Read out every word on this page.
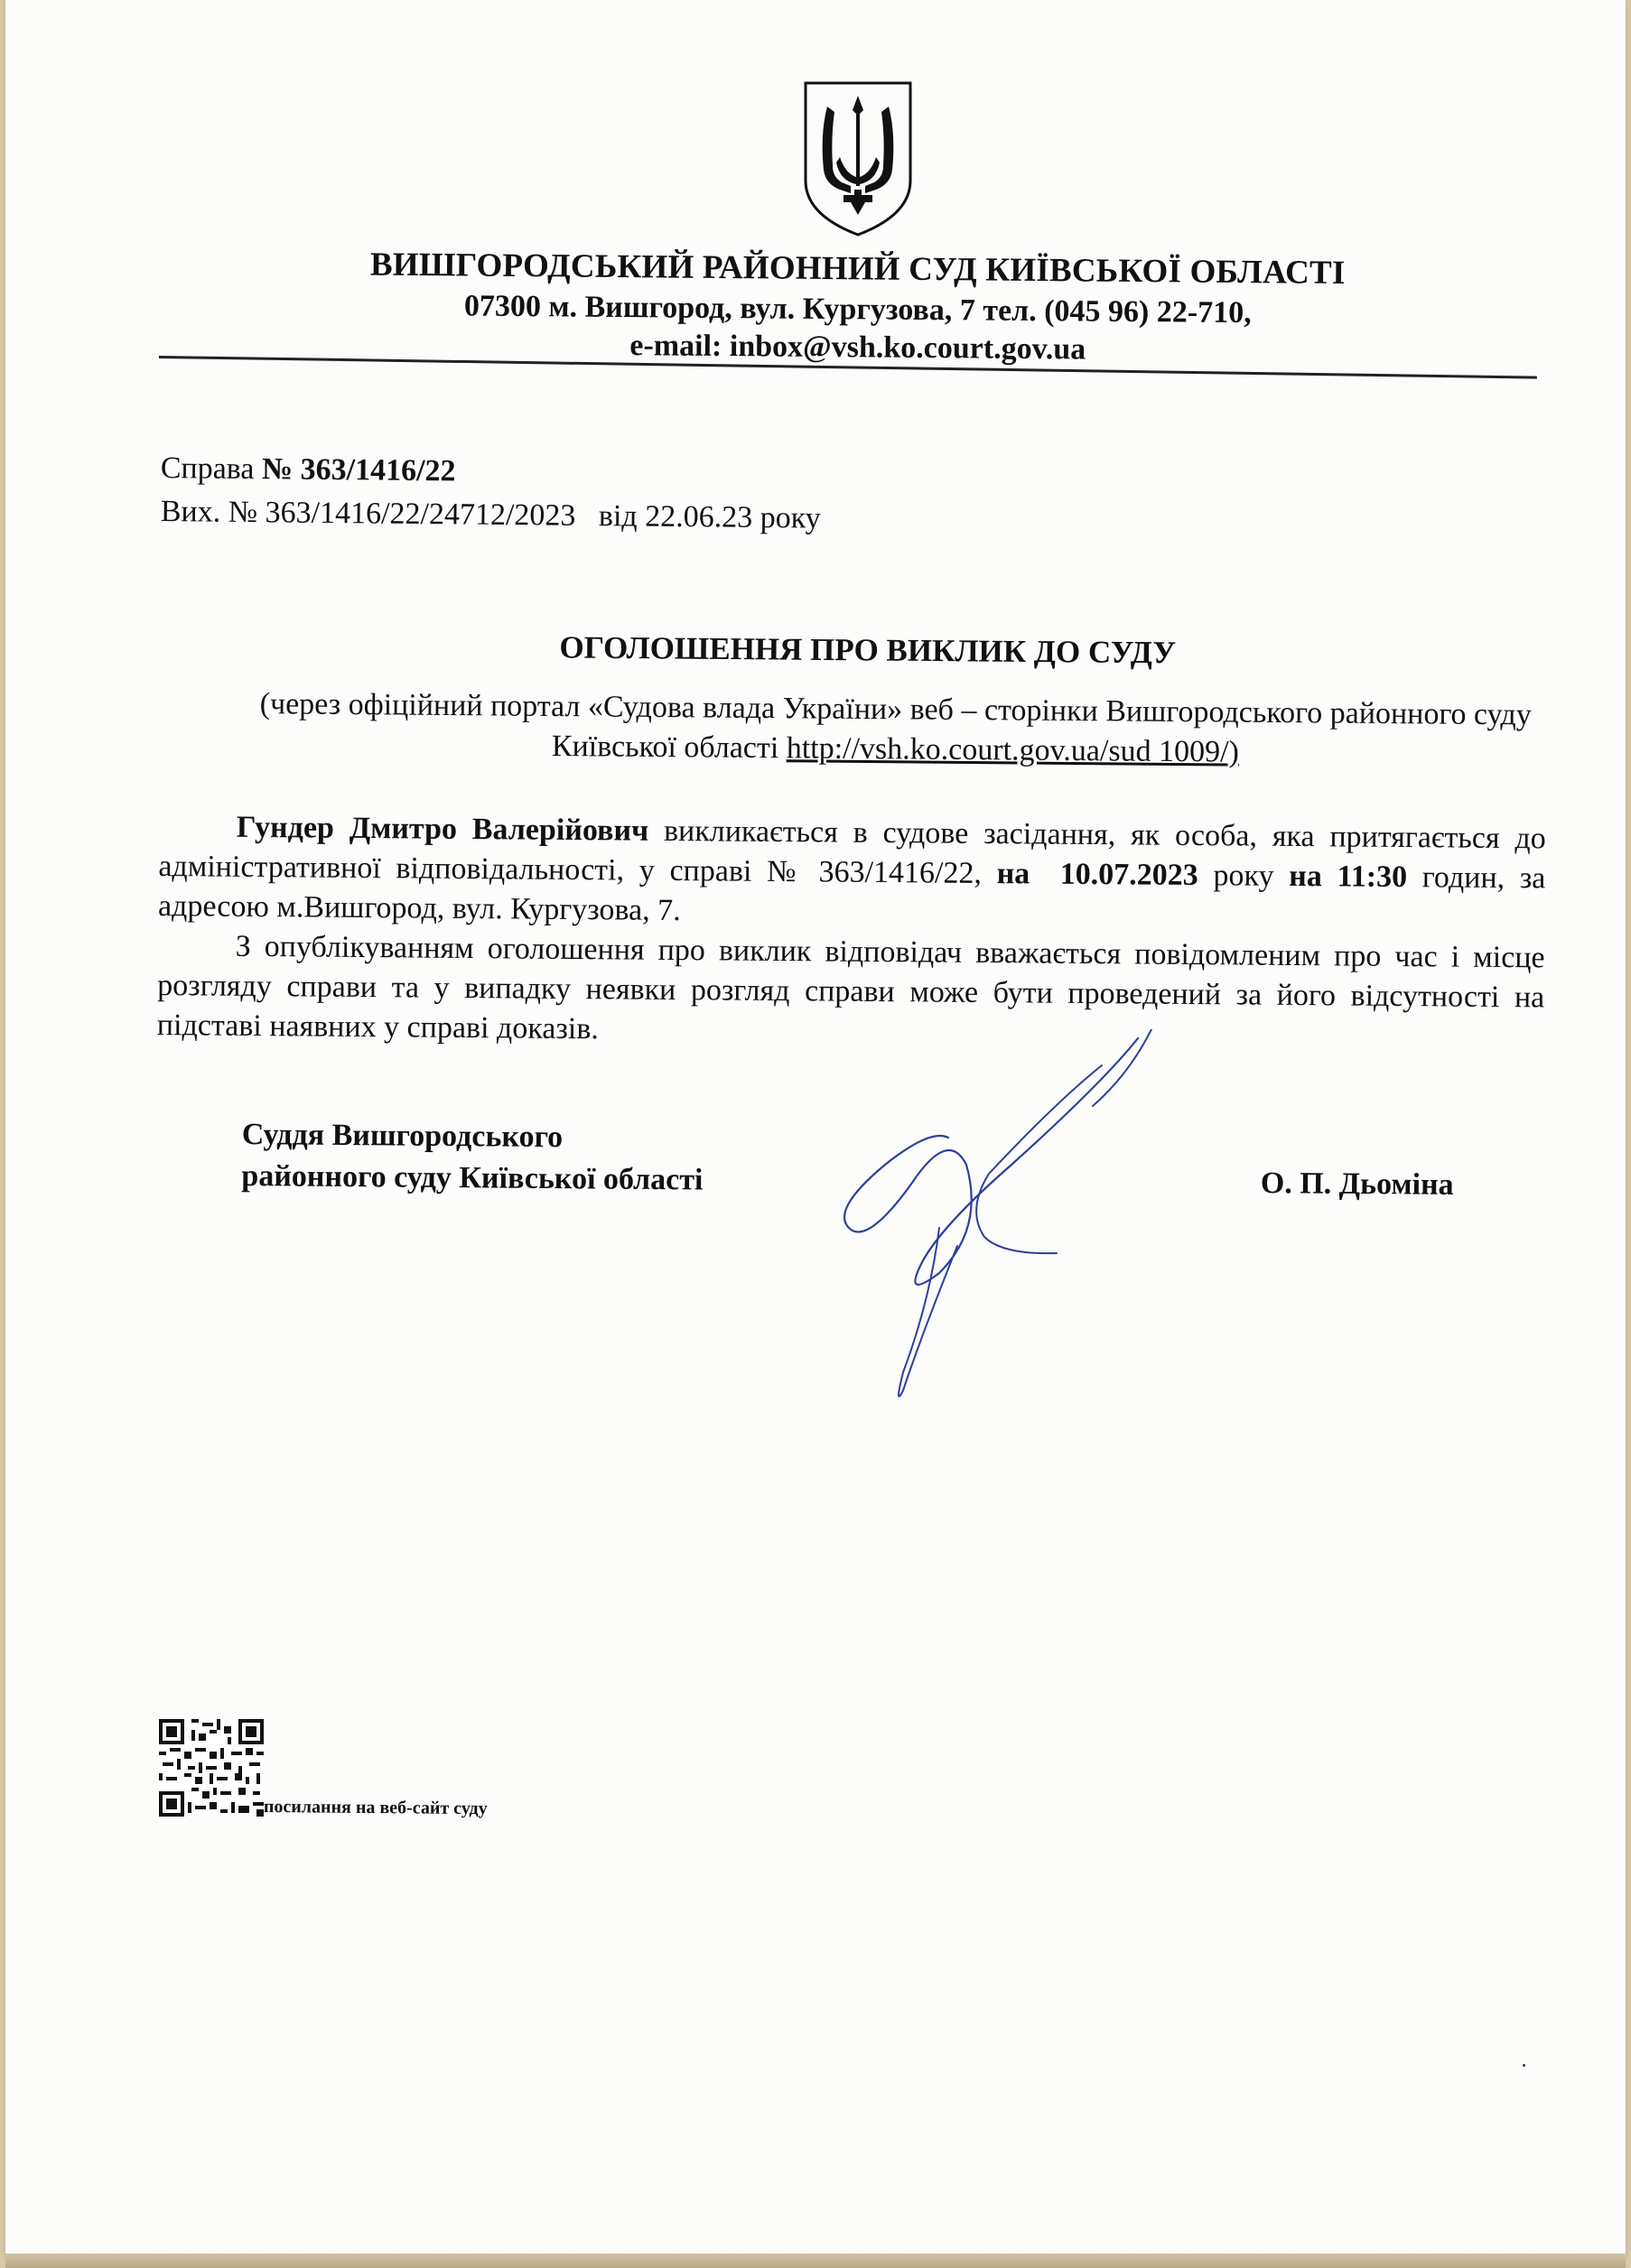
ВИШГОРОДСЬКИЙ РАЙОННИЙ СУД КИЇВСЬКОЇ ОБЛАСТІ
07300 м. Вишгород, вул. Кургузова, 7 тел. (045 96) 22-710,
e-mail: inbox@vsh.ko.court.gov.ua
Справа № 363/1416/22
Вих. № 363/1416/22/24712/2023 від 22.06.23 року
ОГОЛОШЕННЯ ПРО ВИКЛИК ДО СУДУ
(через офіційний портал «Судова влада України» веб – сторінки Вишгородського районного суду Київської області http://vsh.ko.court.gov.ua/sud 1009/)

Гундер Дмитро Валерійович викликається в судове засідання, як особа, яка притягається до адміністративної відповідальності, у справі № 363/1416/22, на 10.07.2023 року на 11:30 годин, за адресою м.Вишгород, вул. Кургузова, 7.

З опублікуванням оголошення про виклик відповідач вважається повідомленим про час і місце розгляду справи та у випадку неявки розгляд справи може бути проведений за його відсутності на підставі наявних у справі доказів.

Суддя Вишгородського
районного суду Київської області	О. П. Дьоміна
посилання на веб-сайт суду
